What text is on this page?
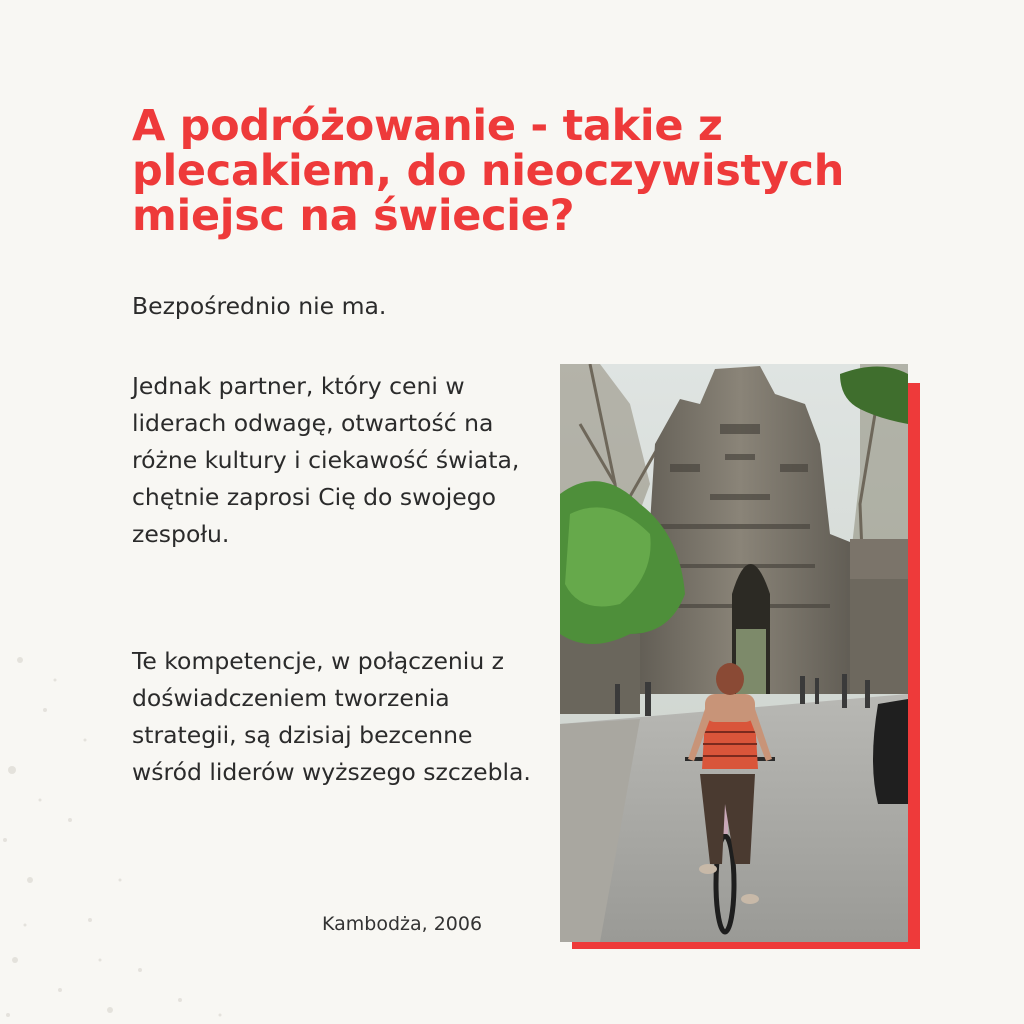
A podróżowanie - takie z plecakiem, do nieoczywistych miejsc na świecie?

Bezpośrednio nie ma.

Jednak partner, który ceni w liderach odwagę, otwartość na różne kultury i ciekawość świata, chętnie zaprosi Cię do swojego zespołu.

Te kompetencje, w połączeniu z doświadczeniem tworzenia strategii, są dzisiaj bezcenne wśród liderów wyższego szczebla.

Kambodża, 2006
